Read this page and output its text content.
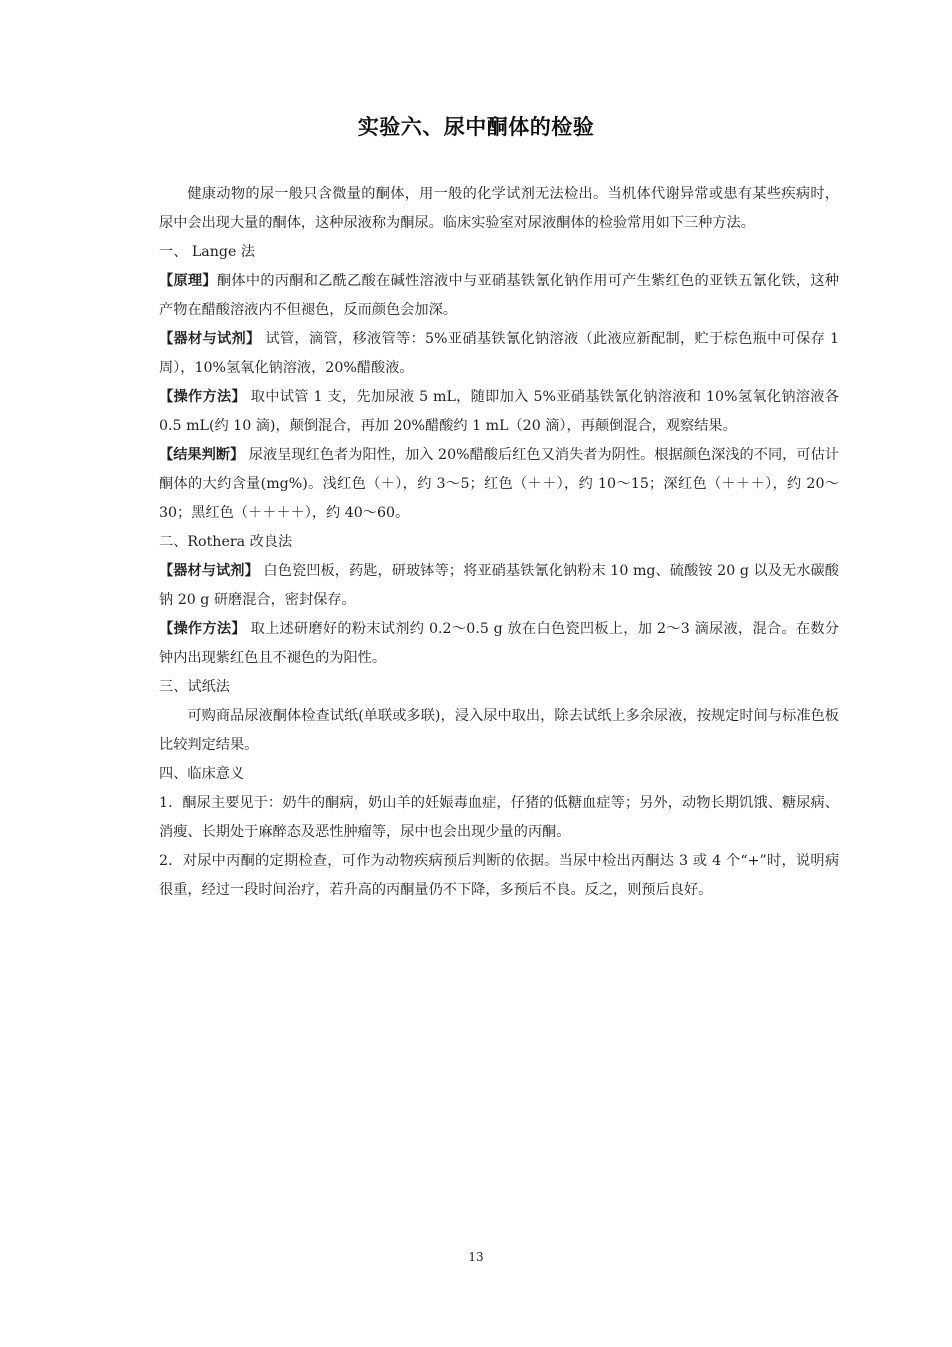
实验六、尿中酮体的检验

健康动物的尿一般只含微量的酮体，用一般的化学试剂无法检出。当机体代谢异常或患有某些疾病时，尿中会出现大量的酮体，这种尿液称为酮尿。临床实验室对尿液酮体的检验常用如下三种方法。

一、 Lange 法

【原理】酮体中的丙酮和乙酰乙酸在碱性溶液中与亚硝基铁氰化钠作用可产生紫红色的亚铁五氰化铁，这种产物在醋酸溶液内不但褪色，反而颜色会加深。

【器材与试剂】 试管，滴管，移液管等：5%亚硝基铁氰化钠溶液（此液应新配制，贮于棕色瓶中可保存 1 周），10%氢氧化钠溶液，20%醋酸液。

【操作方法】 取中试管 1 支，先加尿液 5 mL，随即加入 5%亚硝基铁氰化钠溶液和 10%氢氧化钠溶液各 0.5 mL(约 10 滴)，颠倒混合，再加 20%醋酸约 1 mL（20 滴），再颠倒混合，观察结果。

【结果判断】 尿液呈现红色者为阳性，加入 20%醋酸后红色又消失者为阴性。根据颜色深浅的不同，可估计酮体的大约含量(mg%)。浅红色（＋），约 3～5；红色（＋＋），约 10～15；深红色（＋＋＋），约 20～30；黑红色（＋＋＋＋），约 40～60。

二、Rothera 改良法

【器材与试剂】 白色瓷凹板，药匙，研玻钵等；将亚硝基铁氰化钠粉末 10 mg、硫酸铵 20 g 以及无水碳酸钠 20 g 研磨混合，密封保存。

【操作方法】 取上述研磨好的粉末试剂约 0.2～0.5 g 放在白色瓷凹板上，加 2～3 滴尿液，混合。在数分钟内出现紫红色且不褪色的为阳性。

三、试纸法

可购商品尿液酮体检查试纸(单联或多联)，浸入尿中取出，除去试纸上多余尿液，按规定时间与标准色板比较判定结果。

四、临床意义

1．酮尿主要见于：奶牛的酮病，奶山羊的妊娠毒血症，仔猪的低糖血症等；另外，动物长期饥饿、糖尿病、消瘦、长期处于麻醉态及恶性肿瘤等，尿中也会出现少量的丙酮。

2．对尿中丙酮的定期检查，可作为动物疾病预后判断的依据。当尿中检出丙酮达 3 或 4 个“+”时，说明病很重，经过一段时间治疗，若升高的丙酮量仍不下降，多预后不良。反之，则预后良好。

13
